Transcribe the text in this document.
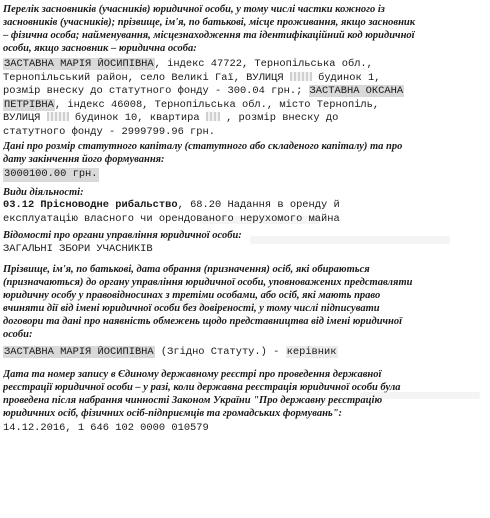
Перелік засновників (учасників) юридичної особи, у тому числі частки кожного із
засновників (учасників); прізвище, ім'я, по батькові, місце проживання, якщо засновник
– фізична особа; найменування, місцезнаходження та ідентифікаційний код юридичної
особи, якщо засновник – юридична особа:
ЗАСТАВНА МАРІЯ ЙОСИПІВНА, індекс 47722, Тернопільська обл.,
Тернопільський район, село Великі Гаї, ВУЛИЦЯ  будинок 1,
розмір внеску до статутного фонду - 300.04 грн.; ЗАСТАВНА ОКСАНА
ПЕТРІВНА, індекс 46008, Тернопільська обл., місто Тернопіль,
ВУЛИЦЯ  будинок 10, квартира  , розмір внеску до
статутного фонду - 2999799.96 грн.
Дані про розмір статутного капіталу (статутного або складеного капіталу) та про
дату закінчення його формування:
3000100.00 грн.
Види діяльності:
03.12 Прісноводне рибальство, 68.20 Надання в оренду й
експлуатацію власного чи орендованого нерухомого майна
Відомості про органи управління юридичної особи:
ЗАГАЛЬНІ ЗБОРИ УЧАСНИКІВ
Прізвище, ім'я, по батькові, дата обрання (призначення) осіб, які обираються
(призначаються) до органу управління юридичної особи, уповноважених представляти
юридичну особу у правовідносинах з третіми особами, або осіб, які мають право
вчиняти дії від імені юридичної особи без довіреності, у тому числі підписувати
договори та дані про наявність обмежень щодо представництва від імені юридичної
особи:
ЗАСТАВНА МАРІЯ ЙОСИПІВНА (Згідно Статуту.) - керівник
Дата та номер запису в Єдиному державному реєстрі про проведення державної
реєстрації юридичної особи – у разі, коли державна реєстрація юридичної особи була
проведена після набрання чинності Законом України "Про державну реєстрацію
юридичних осіб, фізичних осіб-підприємців та громадських формувань":
14.12.2016, 1 646 102 0000 010579
